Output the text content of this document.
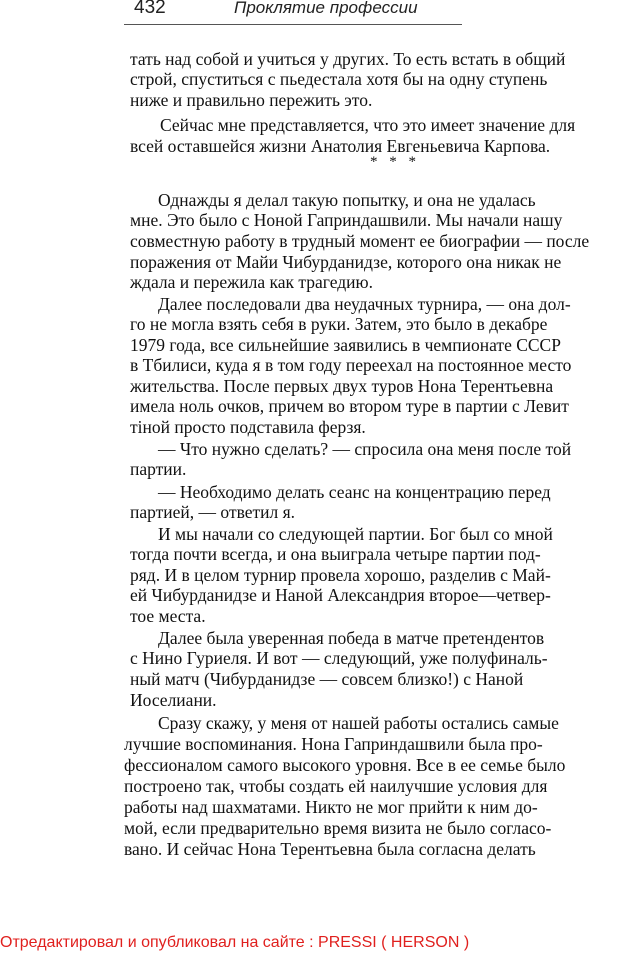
432	Проклятие профессии
тать над собой и учиться у других. То есть встать в общий
строй, спуститься с пьедестала хотя бы на одну ступень
ниже и правильно пережить это.
Сейчас мне представляется, что это имеет значение для
всей оставшейся жизни Анатолия Евгеньевича Карпова.
* * *
Однажды я делал такую попытку, и она не удалась
мне. Это было с Ноной Гаприндашвили. Мы начали нашу
совместную работу в трудный момент ее биографии — после
поражения от Майи Чибурданидзе, которого она никак не
ждала и пережила как трагедию.
Далее последовали два неудачных турнира, — она дол-
го не могла взять себя в руки. Затем, это было в декабре
1979 года, все сильнейшие заявились в чемпионате СССР
в Тбилиси, куда я в том году переехал на постоянное место
жительства. После первых двух туров Нона Терентьевна
имела ноль очков, причем во втором туре в партии с Левит
тіной просто подставила ферзя.
— Что нужно сделать? — спросила она меня после той
партии.
— Необходимо делать сеанс на концентрацию перед
партией, — ответил я.
И мы начали со следующей партии. Бог был со мной
тогда почти всегда, и она выиграла четыре партии под-
ряд. И в целом турнир провела хорошо, разделив с Май-
ей Чибурданидзе и Наной Александрия второе—четвер-
тое места.
Далее была уверенная победа в матче претендентов
с Нино Гуриеля. И вот — следующий, уже полуфиналь-
ный матч (Чибурданидзе — совсем близко!) с Наной
Иоселиани.
Сразу скажу, у меня от нашей работы остались самые
лучшие воспоминания. Нона Гаприндашвили была про-
фессионалом самого высокого уровня. Все в ее семье было
построено так, чтобы создать ей наилучшие условия для
работы над шахматами. Никто не мог прийти к ним до-
мой, если предварительно время визита не было согласо-
вано. И сейчас Нона Терентьевна была согласна делать
Отредактировал и опубликовал на сайте : PRESSI ( HERSON )
